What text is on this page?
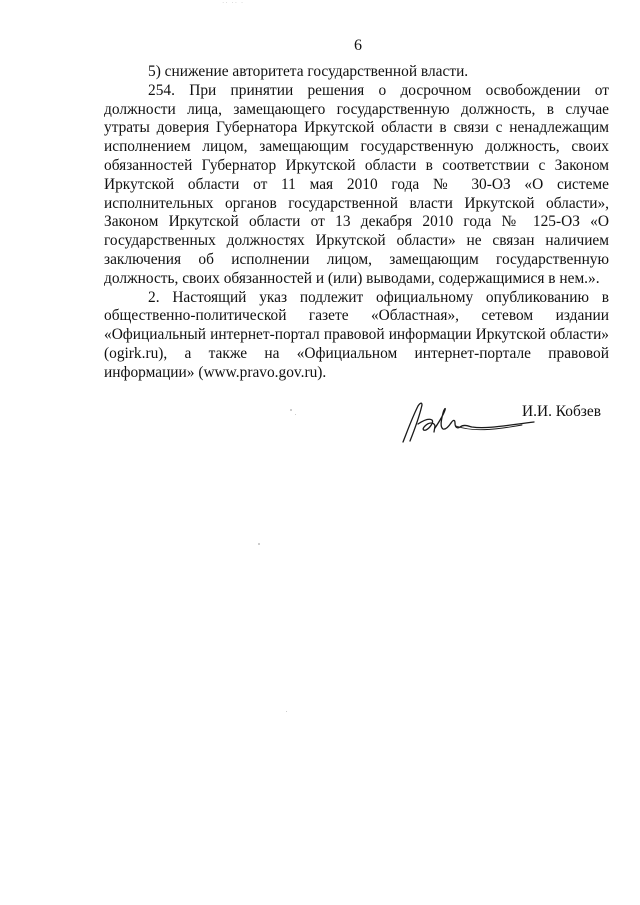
·· ·· ·
6

5) снижение авторитета государственной власти.

254. При принятии решения о досрочном освобождении от должности лица, замещающего государственную должность, в случае утраты доверия Губернатора Иркутской области в связи с ненадлежащим исполнением лицом, замещающим государственную должность, своих обязанностей Губернатор Иркутской области в соответствии с Законом Иркутской области от 11 мая 2010 года № 30-ОЗ «О системе исполнительных органов государственной власти Иркутской области», Законом Иркутской области от 13 декабря 2010 года № 125-ОЗ «О государственных должностях Иркутской области» не связан наличием заключения об исполнении лицом, замещающим государственную должность, своих обязанностей и (или) выводами, содержащимися в нем.».

2. Настоящий указ подлежит официальному опубликованию в общественно-политической газете «Областная», сетевом издании «Официальный интернет-портал правовой информации Иркутской области» (ogirk.ru), а также на «Официальном интернет-портале правовой информации» (www.pravo.gov.ru).

И.И. Кобзев
